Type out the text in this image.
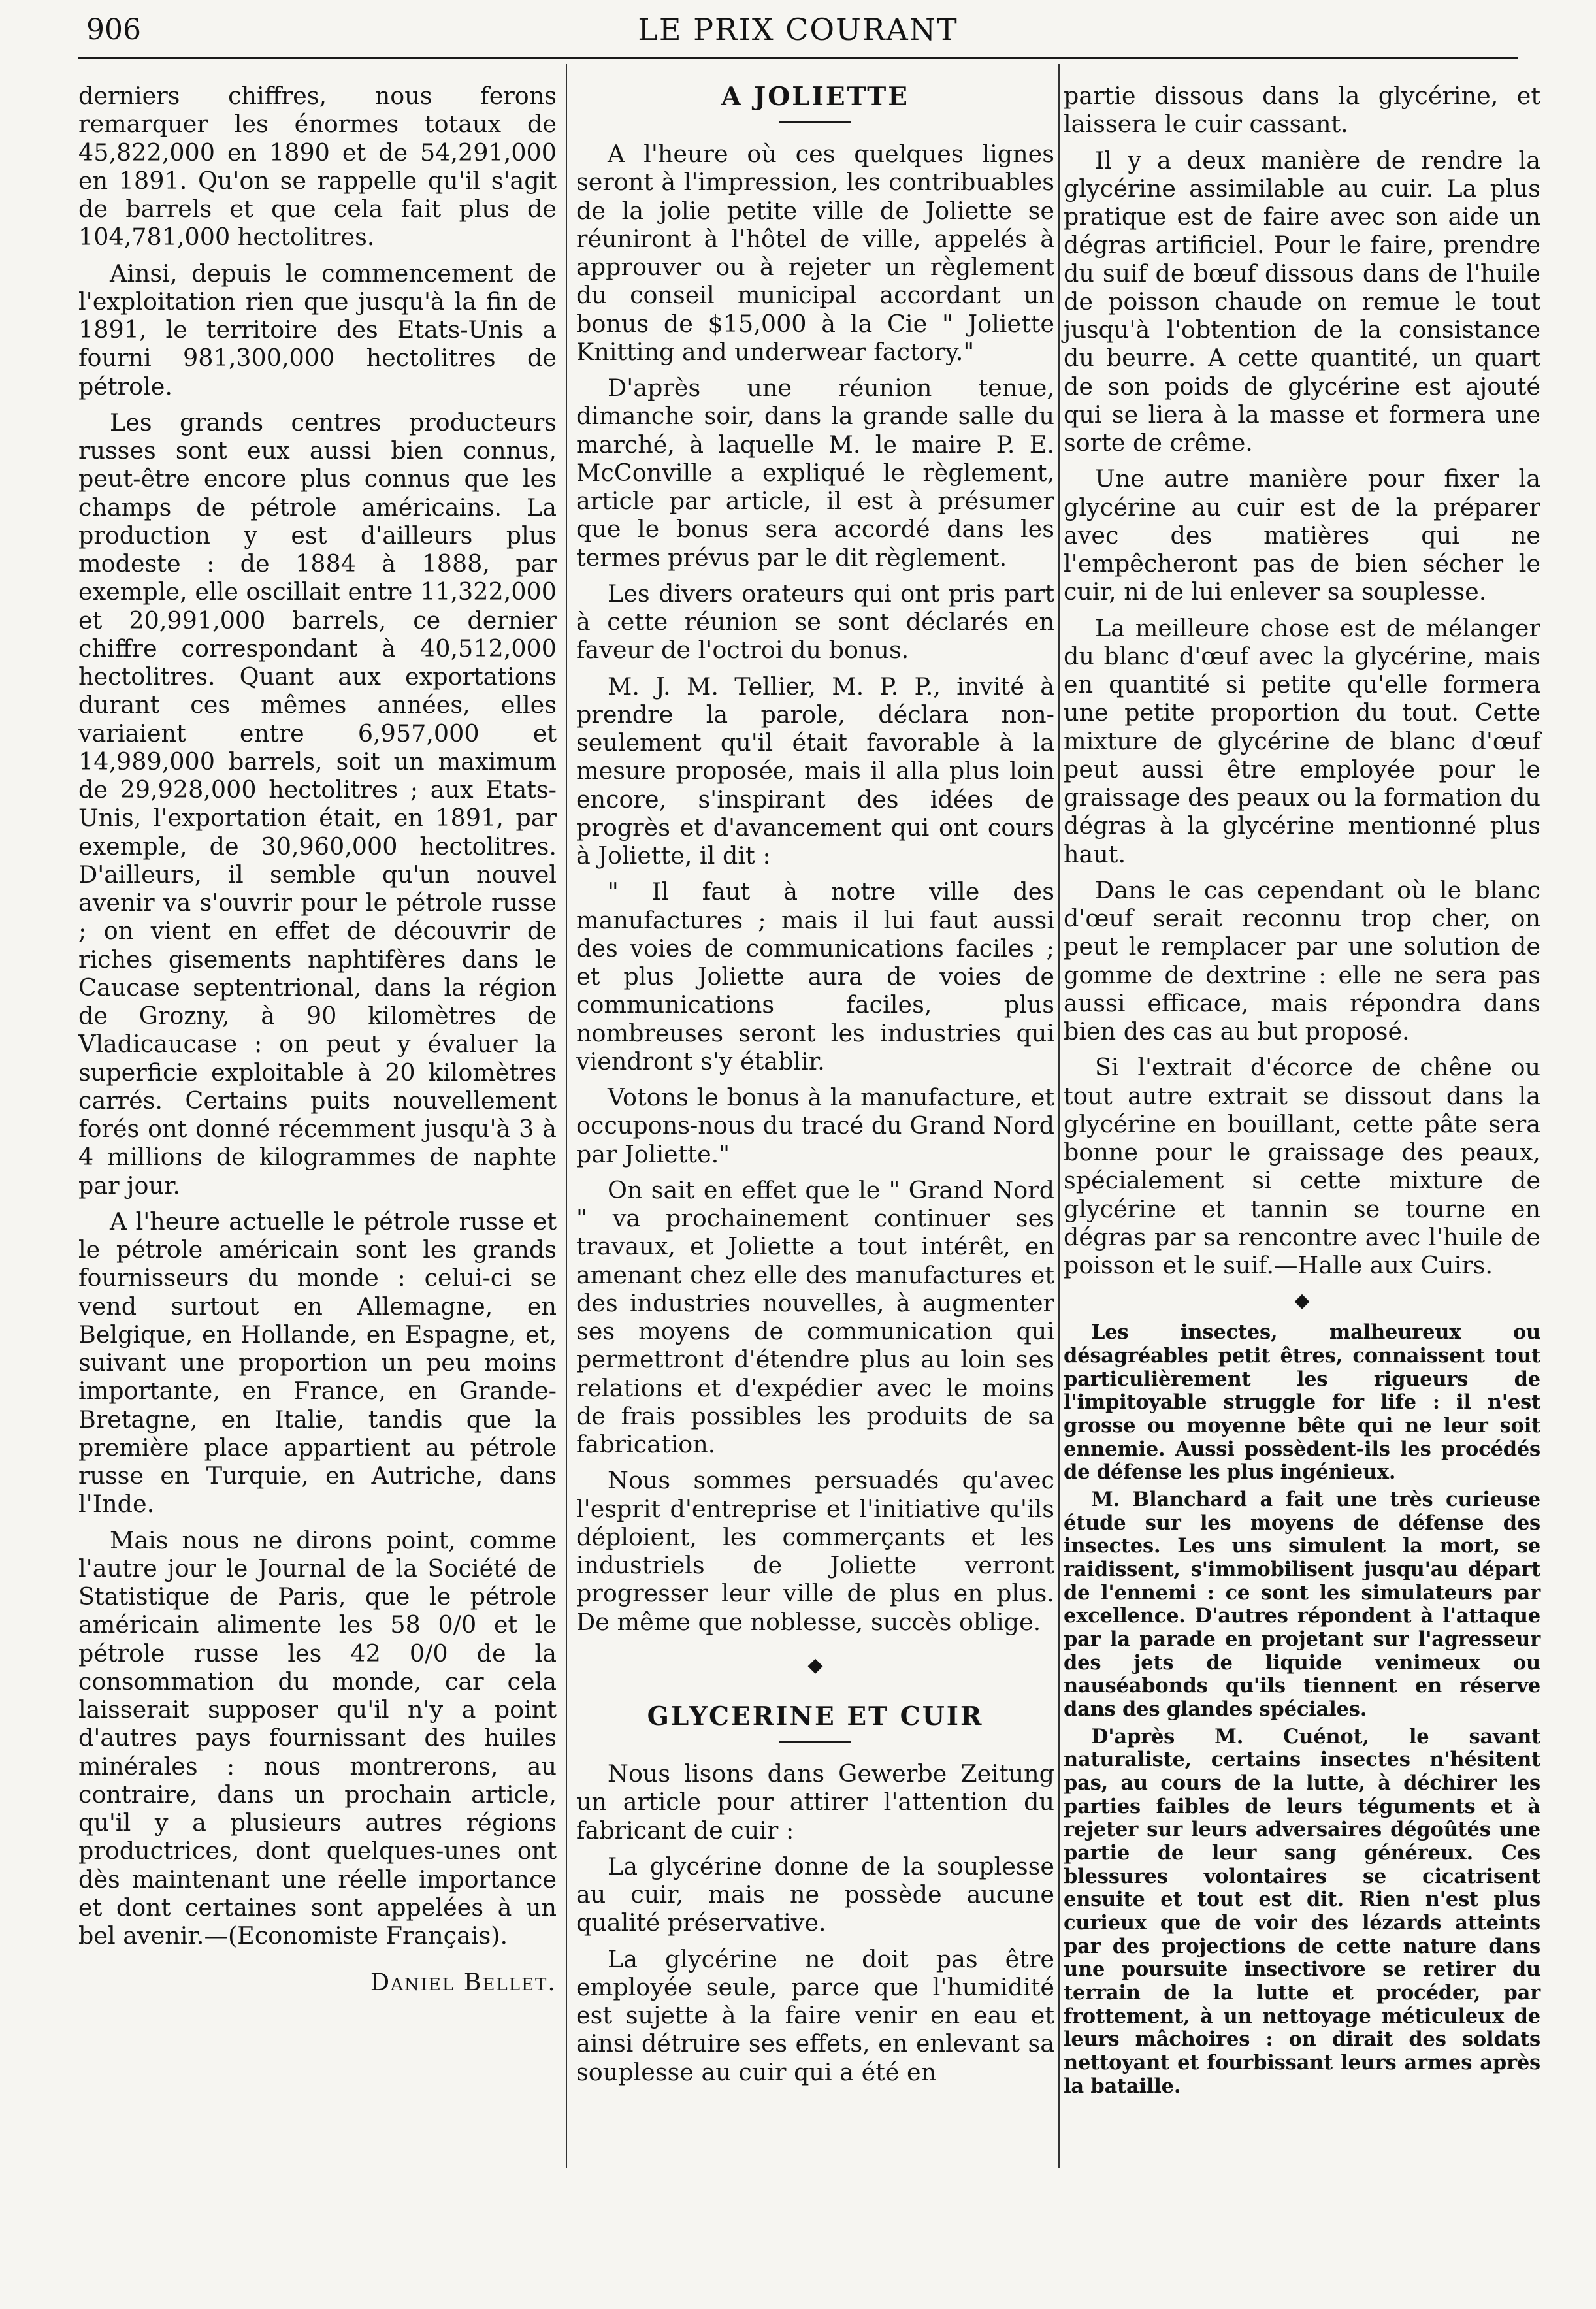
906	LE PRIX COURANT

derniers chiffres, nous ferons remarquer les énormes totaux de 45,822,000 en 1890 et de 54,291,000 en 1891. Qu'on se rappelle qu'il s'agit de barrels et que cela fait plus de 104,781,000 hectolitres.

Ainsi, depuis le commencement de l'exploitation rien que jusqu'à la fin de 1891, le territoire des Etats-Unis a fourni 981,300,000 hectolitres de pétrole.

Les grands centres producteurs russes sont eux aussi bien connus, peut-être encore plus connus que les champs de pétrole américains. La production y est d'ailleurs plus modeste : de 1884 à 1888, par exemple, elle oscillait entre 11,322,000 et 20,991,000 barrels, ce dernier chiffre correspondant à 40,512,000 hectolitres. Quant aux exportations durant ces mêmes années, elles variaient entre 6,957,000 et 14,989,000 barrels, soit un maximum de 29,928,000 hectolitres ; aux Etats-Unis, l'exportation était, en 1891, par exemple, de 30,960,000 hectolitres. D'ailleurs, il semble qu'un nouvel avenir va s'ouvrir pour le pétrole russe ; on vient en effet de découvrir de riches gisements naphtifères dans le Caucase septentrional, dans la région de Grozny, à 90 kilomètres de Vladicaucase : on peut y évaluer la superficie exploitable à 20 kilomètres carrés. Certains puits nouvellement forés ont donné récemment jusqu'à 3 à 4 millions de kilogrammes de naphte par jour.

A l'heure actuelle le pétrole russe et le pétrole américain sont les grands fournisseurs du monde : celui-ci se vend surtout en Allemagne, en Belgique, en Hollande, en Espagne, et, suivant une proportion un peu moins importante, en France, en Grande-Bretagne, en Italie, tandis que la première place appartient au pétrole russe en Turquie, en Autriche, dans l'Inde.

Mais nous ne dirons point, comme l'autre jour le Journal de la Société de Statistique de Paris, que le pétrole américain alimente les 58 0/0 et le pétrole russe les 42 0/0 de la consommation du monde, car cela laisserait supposer qu'il n'y a point d'autres pays fournissant des huiles minérales : nous montrerons, au contraire, dans un prochain article, qu'il y a plusieurs autres régions productrices, dont quelques-unes ont dès maintenant une réelle importance et dont certaines sont appelées à un bel avenir.—(Economiste Français).

Daniel Bellet.
A JOLIETTE

A l'heure où ces quelques lignes seront à l'impression, les contribuables de la jolie petite ville de Joliette se réuniront à l'hôtel de ville, appelés à approuver ou à rejeter un règlement du conseil municipal accordant un bonus de $15,000 à la Cie " Joliette Knitting and underwear factory."

D'après une réunion tenue, dimanche soir, dans la grande salle du marché, à laquelle M. le maire P. E. McConville a expliqué le règlement, article par article, il est à présumer que le bonus sera accordé dans les termes prévus par le dit règlement.

Les divers orateurs qui ont pris part à cette réunion se sont déclarés en faveur de l'octroi du bonus.

M. J. M. Tellier, M. P. P., invité à prendre la parole, déclara non-seulement qu'il était favorable à la mesure proposée, mais il alla plus loin encore, s'inspirant des idées de progrès et d'avancement qui ont cours à Joliette, il dit :

" Il faut à notre ville des manufactures ; mais il lui faut aussi des voies de communications faciles ; et plus Joliette aura de voies de communications faciles, plus nombreuses seront les industries qui viendront s'y établir.

Votons le bonus à la manufacture, et occupons-nous du tracé du Grand Nord par Joliette."

On sait en effet que le " Grand Nord " va prochainement continuer ses travaux, et Joliette a tout intérêt, en amenant chez elle des manufactures et des industries nouvelles, à augmenter ses moyens de communication qui permettront d'étendre plus au loin ses relations et d'expédier avec le moins de frais possibles les produits de sa fabrication.

Nous sommes persuadés qu'avec l'esprit d'entreprise et l'initiative qu'ils déploient, les commerçants et les industriels de Joliette verront progresser leur ville de plus en plus. De même que noblesse, succès oblige.

◆
GLYCERINE ET CUIR

Nous lisons dans Gewerbe Zeitung un article pour attirer l'attention du fabricant de cuir :

La glycérine donne de la souplesse au cuir, mais ne possède aucune qualité préservative.

La glycérine ne doit pas être employée seule, parce que l'humidité est sujette à la faire venir en eau et ainsi détruire ses effets, en enlevant sa souplesse au cuir qui a été en

partie dissous dans la glycérine, et laissera le cuir cassant.

Il y a deux manière de rendre la glycérine assimilable au cuir. La plus pratique est de faire avec son aide un dégras artificiel. Pour le faire, prendre du suif de bœuf dissous dans de l'huile de poisson chaude on remue le tout jusqu'à l'obtention de la consistance du beurre. A cette quantité, un quart de son poids de glycérine est ajouté qui se liera à la masse et formera une sorte de crême.

Une autre manière pour fixer la glycérine au cuir est de la préparer avec des matières qui ne l'empêcheront pas de bien sécher le cuir, ni de lui enlever sa souplesse.

La meilleure chose est de mélanger du blanc d'œuf avec la glycérine, mais en quantité si petite qu'elle formera une petite proportion du tout. Cette mixture de glycérine de blanc d'œuf peut aussi être employée pour le graissage des peaux ou la formation du dégras à la glycérine mentionné plus haut.

Dans le cas cependant où le blanc d'œuf serait reconnu trop cher, on peut le remplacer par une solution de gomme de dextrine : elle ne sera pas aussi efficace, mais répondra dans bien des cas au but proposé.

Si l'extrait d'écorce de chêne ou tout autre extrait se dissout dans la glycérine en bouillant, cette pâte sera bonne pour le graissage des peaux, spécialement si cette mixture de glycérine et tannin se tourne en dégras par sa rencontre avec l'huile de poisson et le suif.—Halle aux Cuirs.

◆

Les insectes, malheureux ou désagréables petit êtres, connaissent tout particulièrement les rigueurs de l'impitoyable struggle for life : il n'est grosse ou moyenne bête qui ne leur soit ennemie. Aussi possèdent-ils les procédés de défense les plus ingénieux.

M. Blanchard a fait une très curieuse étude sur les moyens de défense des insectes. Les uns simulent la mort, se raidissent, s'immobilisent jusqu'au départ de l'ennemi : ce sont les simulateurs par excellence. D'autres répondent à l'attaque par la parade en projetant sur l'agresseur des jets de liquide venimeux ou nauséabonds qu'ils tiennent en réserve dans des glandes spéciales.

D'après M. Cuénot, le savant naturaliste, certains insectes n'hésitent pas, au cours de la lutte, à déchirer les parties faibles de leurs téguments et à rejeter sur leurs adversaires dégoûtés une partie de leur sang généreux. Ces blessures volontaires se cicatrisent ensuite et tout est dit. Rien n'est plus curieux que de voir des lézards atteints par des projections de cette nature dans une poursuite insectivore se retirer du terrain de la lutte et procéder, par frottement, à un nettoyage méticuleux de leurs mâchoires : on dirait des soldats nettoyant et fourbissant leurs armes après la bataille.
